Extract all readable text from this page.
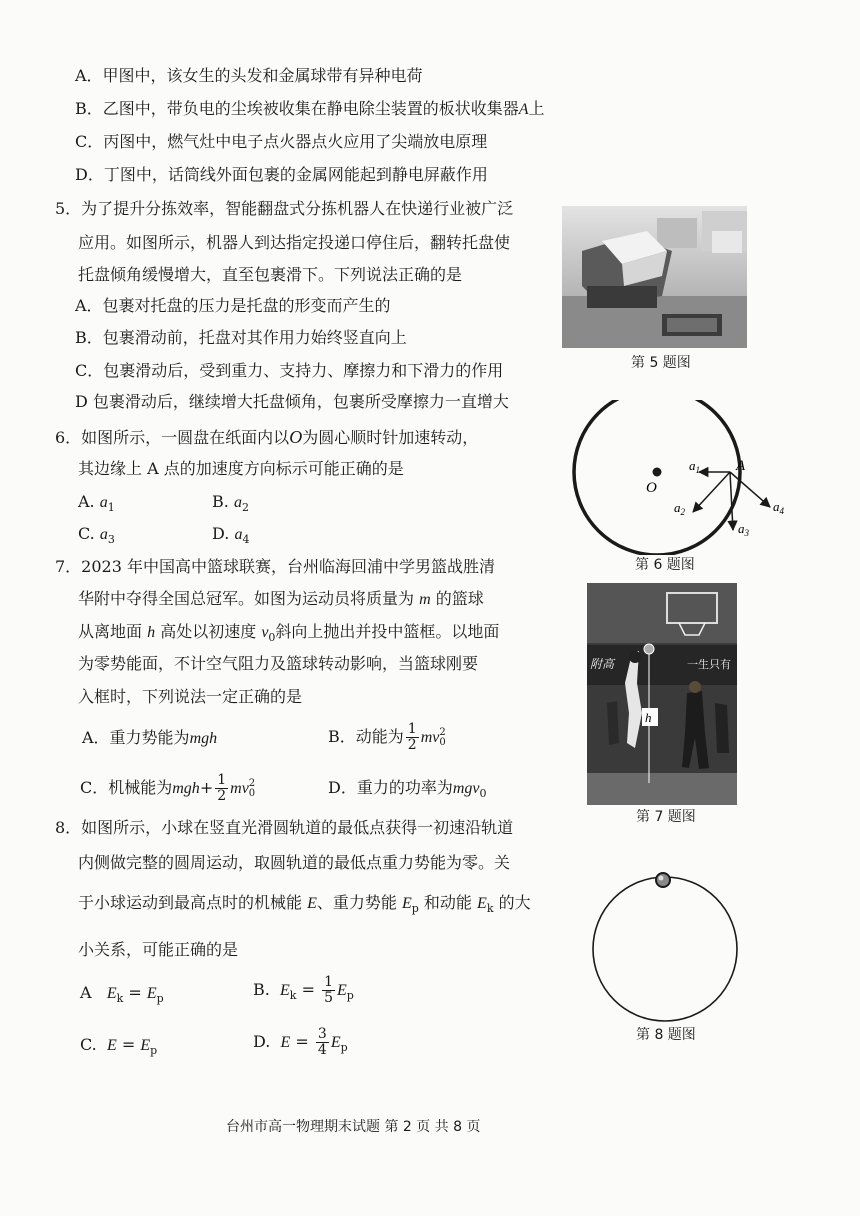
A．甲图中，该女生的头发和金属球带有异种电荷
B．乙图中，带负电的尘埃被收集在静电除尘装置的板状收集器A上
C．丙图中，燃气灶中电子点火器点火应用了尖端放电原理
D．丁图中，话筒线外面包裹的金属网能起到静电屏蔽作用
5．为了提升分拣效率，智能翻盘式分拣机器人在快递行业被广泛
应用。如图所示，机器人到达指定投递口停住后，翻转托盘使
托盘倾角缓慢增大，直至包裹滑下。下列说法正确的是
A．包裹对托盘的压力是托盘的形变而产生的
B．包裹滑动前，托盘对其作用力始终竖直向上
C．包裹滑动后，受到重力、支持力、摩擦力和下滑力的作用
D 包裹滑动后，继续增大托盘倾角，包裹所受摩擦力一直增大
第 5 题图
6．如图所示，一圆盘在纸面内以O为圆心顺时针加速转动，
其边缘上 A 点的加速度方向标示可能正确的是
A. $a_1$	B. $a_2$
C. $a_3$	D. $a_4$
O
A
$a_1$
$a_2$
$a_3$
$a_4$
第 6 题图
7．2023 年中国高中篮球联赛，台州临海回浦中学男篮战胜清
华附中夺得全国总冠军。如图为运动员将质量为 m 的篮球
从离地面 h 高处以初速度 $v_0$斜向上抛出并投中篮框。以地面
为零势能面，不计空气阻力及篮球转动影响，当篮球刚要
入框时，下列说法一定正确的是
A．重力势能为mgh	B．动能为 $\frac{1}{2}$ mv 2
0
C．机械能为$mgh+ \frac{1}{2}$ mv 2
0	D．重力的功率为mgv$_0$
附高	一生只有
h
第 7 题图
8．如图所示，小球在竖直光滑圆轨道的最低点获得一初速沿轨道
内侧做完整的圆周运动，取圆轨道的最低点重力势能为零。关
于小球运动到最高点时的机械能 E、重力势能 $E_p$ 和动能 $E_k$ 的大
小关系，可能正确的是
A $E_k = E_p$	B. $E_k = \frac{1}{5} E_p$
C. $E = E_p$	D. $E = \frac{3}{4} E_p$
第 8 题图
台州市高一物理期末试题 第 2 页 共 8 页
